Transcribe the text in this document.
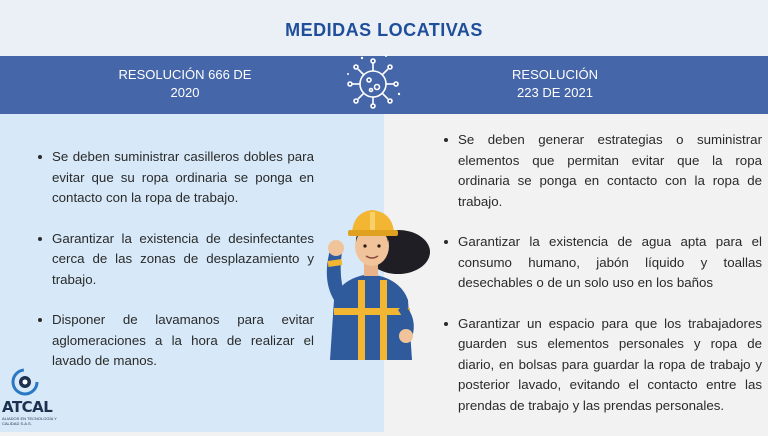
MEDIDAS LOCATIVAS
RESOLUCIÓN 666 DE
2020
RESOLUCIÓN
223 DE 2021
Se deben suministrar casilleros dobles para evitar que su ropa ordinaria se ponga en contacto con la ropa de trabajo.
Garantizar la existencia de desinfectantes cerca de las zonas de desplazamiento y trabajo.
Disponer de lavamanos para evitar aglomeraciones a la hora de realizar el lavado de manos.
Se deben generar estrategias o suministrar elementos que permitan evitar que la ropa ordinaria se ponga en contacto con la ropa de trabajo.
Garantizar la existencia de agua apta para el consumo humano, jabón líquido y toallas desechables o de un solo uso en los baños
Garantizar un espacio para que los trabajadores guarden sus elementos personales y ropa de diario, en bolsas para guardar la ropa de trabajo y posterior lavado, evitando el contacto entre las prendas de trabajo y las prendas personales.
ATCAL
ALIADOS EN TECNOLOGÍA Y CALIDAD S.A.S.
